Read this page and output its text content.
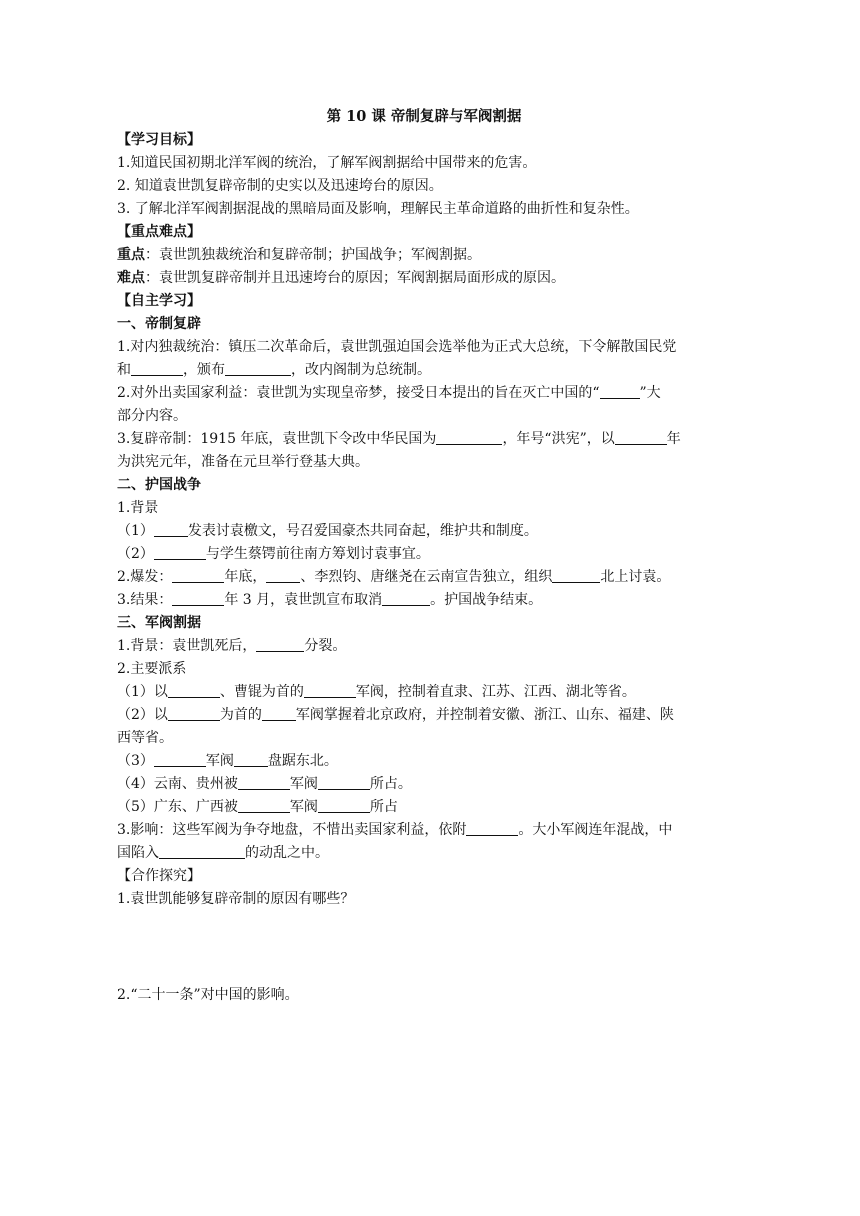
第 10 课 帝制复辟与军阀割据
【学习目标】
1.知道民国初期北洋军阀的统治，了解军阀割据给中国带来的危害。
2. 知道袁世凯复辟帝制的史实以及迅速垮台的原因。
3. 了解北洋军阀割据混战的黑暗局面及影响，理解民主革命道路的曲折性和复杂性。
【重点难点】
重点：袁世凯独裁统治和复辟帝制；护国战争；军阀割据。
难点：袁世凯复辟帝制并且迅速垮台的原因；军阀割据局面形成的原因。
【自主学习】
一、帝制复辟
1.对内独裁统治：镇压二次革命后，袁世凯强迫国会选举他为正式大总统，下令解散国民党
和	，颁布	，改内阁制为总统制。
2.对外出卖国家利益：袁世凯为实现皇帝梦，接受日本提出的旨在灭亡中国的“	”大
部分内容。
3.复辟帝制：1915 年底，袁世凯下令改中华民国为	，年号“洪宪”，以	年
为洪宪元年，准备在元旦举行登基大典。
二、护国战争
1.背景
（1） 发表讨袁檄文，号召爱国豪杰共同奋起，维护共和制度。
（2）	与学生蔡锷前往南方筹划讨袁事宜。
2.爆发：	年底， 、李烈钧、唐继尧在云南宣告独立，组织	北上讨袁。
3.结果：	年 3 月，袁世凯宣布取消	。护国战争结束。
三、军阀割据
1.背景：袁世凯死后，	分裂。
2.主要派系
（1）以	、曹锟为首的	军阀，控制着直隶、江苏、江西、湖北等省。
（2）以	为首的 军阀掌握着北京政府，并控制着安徽、浙江、山东、福建、陕
西等省。
（3）	军阀 盘踞东北。
（4）云南、贵州被	军阀	所占。
（5）广东、广西被	军阀	所占
3.影响：这些军阀为争夺地盘，不惜出卖国家利益，依附	。大小军阀连年混战，中
国陷入	的动乱之中。
【合作探究】
1.袁世凯能够复辟帝制的原因有哪些？
2.“二十一条”对中国的影响。
